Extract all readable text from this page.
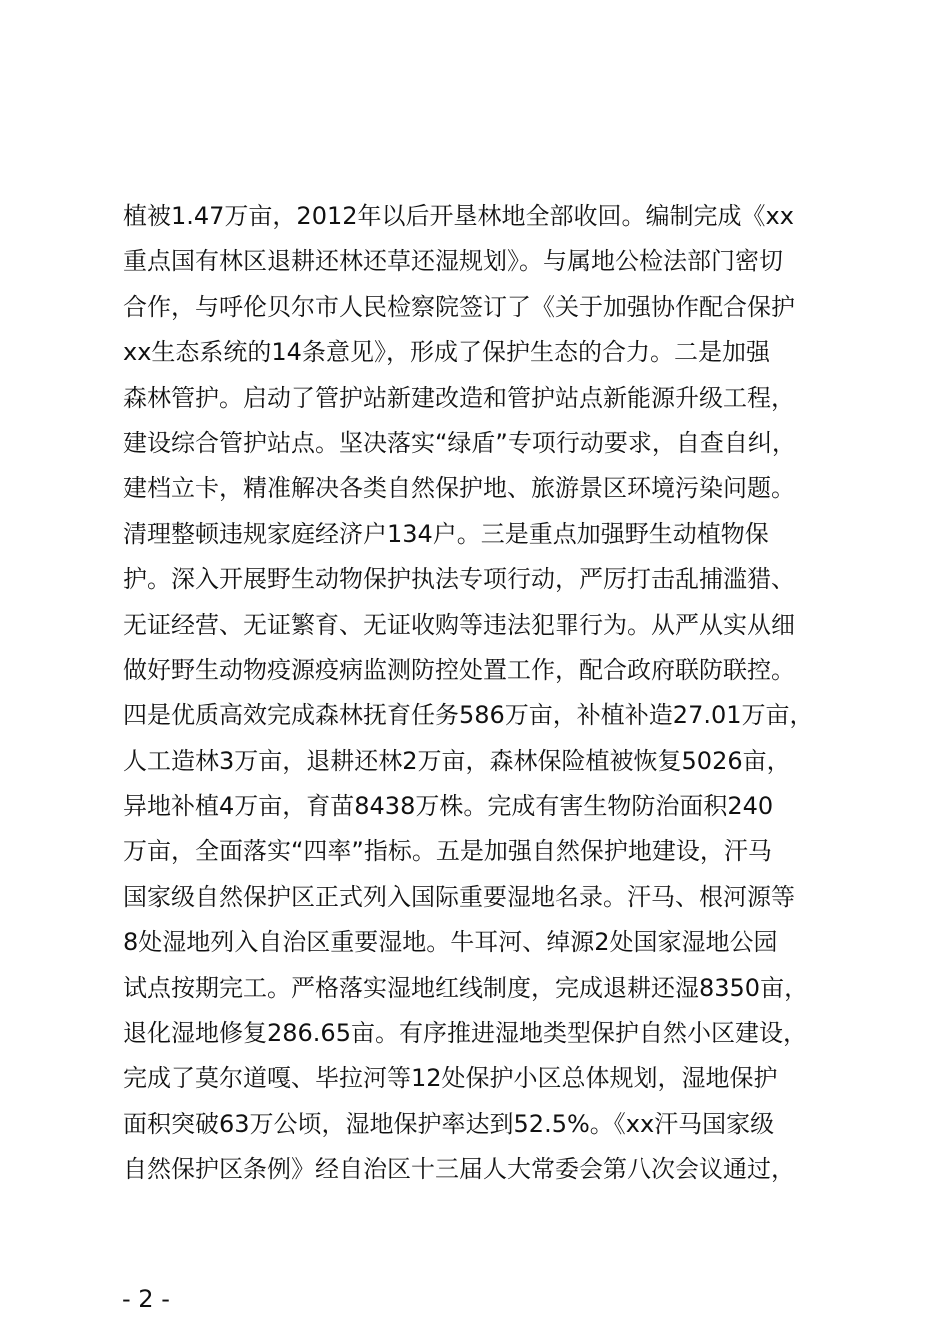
植被1.47万亩，2012年以后开垦林地全部收回。编制完成《xx
重点国有林区退耕还林还草还湿规划》。与属地公检法部门密切
合作，与呼伦贝尔市人民检察院签订了《关于加强协作配合保护
xx生态系统的14条意见》，形成了保护生态的合力。二是加强
森林管护。启动了管护站新建改造和管护站点新能源升级工程，
建设综合管护站点。坚决落实“绿盾”专项行动要求，自查自纠，
建档立卡，精准解决各类自然保护地、旅游景区环境污染问题。
清理整顿违规家庭经济户134户。三是重点加强野生动植物保
护。深入开展野生动物保护执法专项行动，严厉打击乱捕滥猎、
无证经营、无证繁育、无证收购等违法犯罪行为。从严从实从细
做好野生动物疫源疫病监测防控处置工作，配合政府联防联控。
四是优质高效完成森林抚育任务586万亩，补植补造27.01万亩，
人工造林3万亩，退耕还林2万亩，森林保险植被恢复5026亩，
异地补植4万亩，育苗8438万株。完成有害生物防治面积240
万亩，全面落实“四率”指标。五是加强自然保护地建设，汗马
国家级自然保护区正式列入国际重要湿地名录。汗马、根河源等
8处湿地列入自治区重要湿地。牛耳河、绰源2处国家湿地公园
试点按期完工。严格落实湿地红线制度，完成退耕还湿8350亩，
退化湿地修复286.65亩。有序推进湿地类型保护自然小区建设，
完成了莫尔道嘎、毕拉河等12处保护小区总体规划，湿地保护
面积突破63万公顷，湿地保护率达到52.5%。《xx汗马国家级
自然保护区条例》经自治区十三届人大常委会第八次会议通过，
- 2 -
